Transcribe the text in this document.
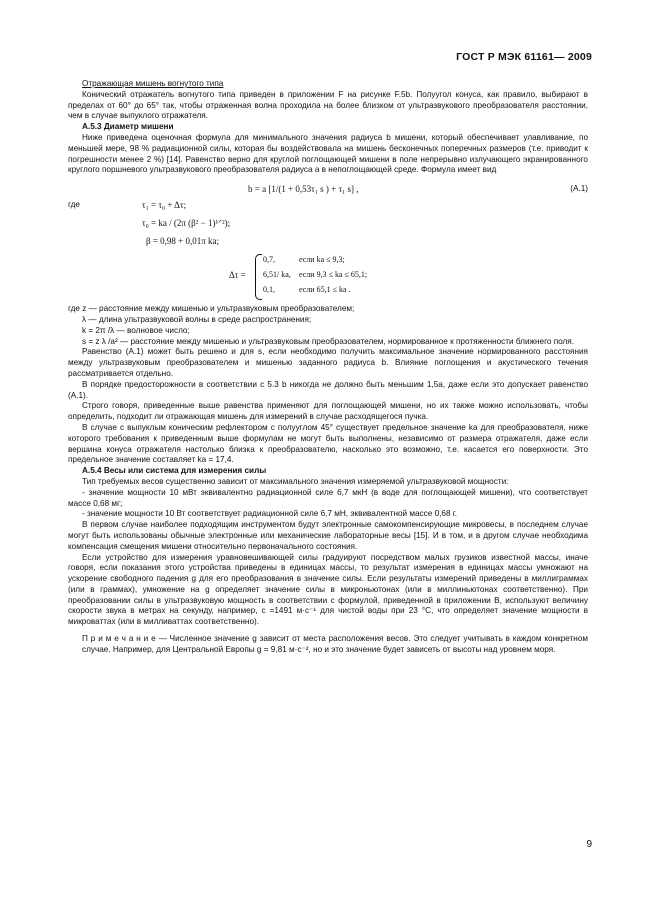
ГОСТ Р МЭК 61161— 2009

Отражающая мишень вогнутого типа

Конический отражатель вогнутого типа приведен в приложении F на рисунке F.5b. Полуугол конуса, как правило, выбирают в пределах от 60° до 65° так, чтобы отраженная волна проходила на более близком от ультразвукового преобразователя расстоянии, чем в случае выпуклого отражателя.

А.5.3 Диаметр мишени

Ниже приведена оценочная формула для минимального значения радиуса b мишени, который обеспечивает улавливание, по меньшей мере, 98 % радиационной силы, которая бы воздействовала на мишень бесконечных поперечных размеров (т.е. приводит к погрешности менее 2 %) [14]. Равенство верно для круглой поглощающей мишени в поле непрерывно излучающего экранированного круглого поршневого ультразвукового преобразователя радиуса a в непоглощающей среде. Формула имеет вид

b = a [1/(1 + 0,53τ₁ s ) + τ₁ s] ,	(A.1)
где	τ₁ = τ₀ + Δτ;
τ₀ = ka / (2π (β² − 1)¹ᐟ²);
β = 0,98 + 0,01π ka;
Δτ =
0,7,	если ka ≤ 9,3;
6,51/ ka, если 9,3 ≤ ka ≤ 65,1;
0,1,	если 65,1 ≤ ka .

где z — расстояние между мишенью и ультразвуковым преобразователем;

λ — длина ультразвуковой волны в среде распространения;

k = 2π /λ — волновое число;

s = z λ /a² — расстояние между мишенью и ультразвуковым преобразователем, нормированное к протяженности ближнего поля.

Равенство (A.1) может быть решено и для s, если необходимо получить максимальное значение нормированного расстояния между ультразвуковым преобразователем и мишенью заданного радиуса b. Влияние поглощения и акустического течения рассматривается отдельно.

В порядке предосторожности в соответствии с 5.3 b никогда не должно быть меньшим 1,5a, даже если это допускает равенство (A.1).

Строго говоря, приведенные выше равенства применяют для поглощающей мишени, но их также можно использовать, чтобы определить, подходит ли отражающая мишень для измерений в случае расходящегося пучка.

В случае с выпуклым коническим рефлектором с полууглом 45° существует предельное значение ka для преобразователя, ниже которого требования к приведенным выше формулам не могут быть выполнены, независимо от размера отражателя, даже если вершина конуса отражателя настолько близка к преобразователю, насколько это возможно, т.е. касается его поверхности. Это предельное значение составляет ka = 17,4.

А.5.4 Весы или система для измерения силы

Тип требуемых весов существенно зависит от максимального значения измеряемой ультразвуковой мощности:

- значение мощности 10 мВт эквивалентно радиационной силе 6,7 мкН (в воде для поглощающей мишени), что соответствует массе 0,68 мг;

- значение мощности 10 Вт соответствует радиационной силе 6,7 мН, эквивалентной массе 0,68 г.

В первом случае наиболее подходящим инструментом будут электронные самокомпенсирующие микровесы, в последнем случае могут быть использованы обычные электронные или механические лабораторные весы [15]. И в том, и в другом случае необходима компенсация смещения мишени относительно первоначального состояния.

Если устройство для измерения уравновешивающей силы градуируют посредством малых грузиков известной массы, иначе говоря, если показания этого устройства приведены в единицах массы, то результат измерения в единицах массы умножают на ускорение свободного падения g для его преобразования в значение силы. Если результаты измерений приведены в миллиграммах (или в граммах), умножение на g определяет значение силы в микроньютонах (или в миллиньютонах соответственно). При преобразовании силы в ультразвуковую мощность в соответствии с формулой, приведенной в приложении В, используют величину скорости звука в метрах на секунду, например, c =1491 м·с⁻¹ для чистой воды при 23 °С, что определяет значение мощности в микроваттах (или в милливаттах соответственно).

П р и м е ч а н и е — Численное значение g зависит от места расположения весов. Это следует учитывать в каждом конкретном случае. Например, для Центральной Европы g = 9,81 м·с⁻², но и это значение будет зависеть от высоты над уровнем моря.

9
